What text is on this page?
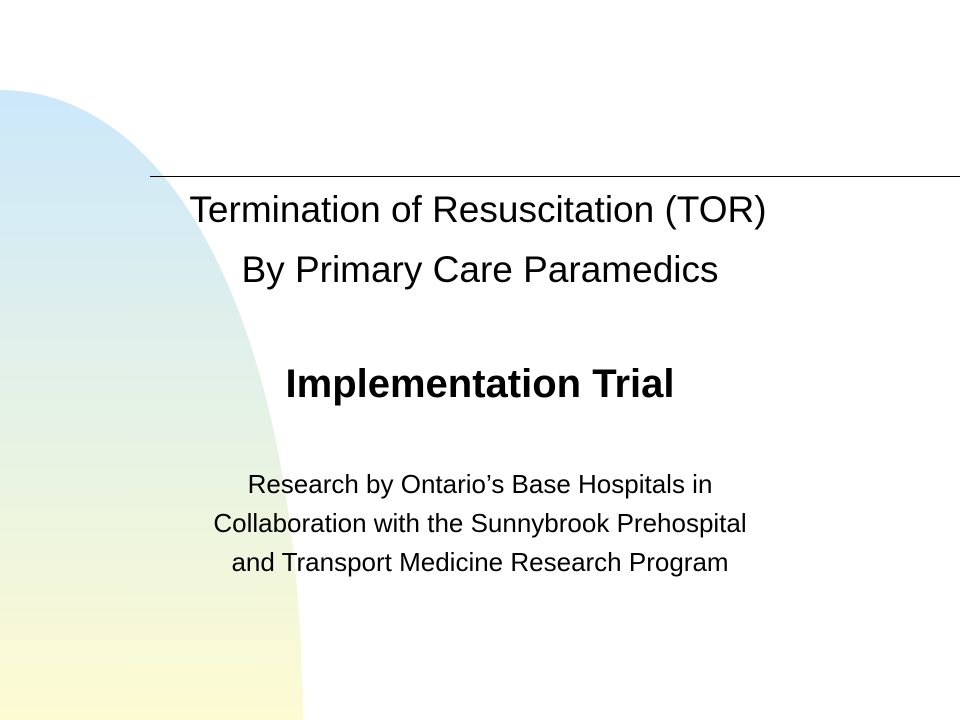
Termination of Resuscitation (TOR)
By Primary Care Paramedics
Implementation Trial
Research by Ontario’s Base Hospitals in
Collaboration with the Sunnybrook Prehospital
and Transport Medicine Research Program
